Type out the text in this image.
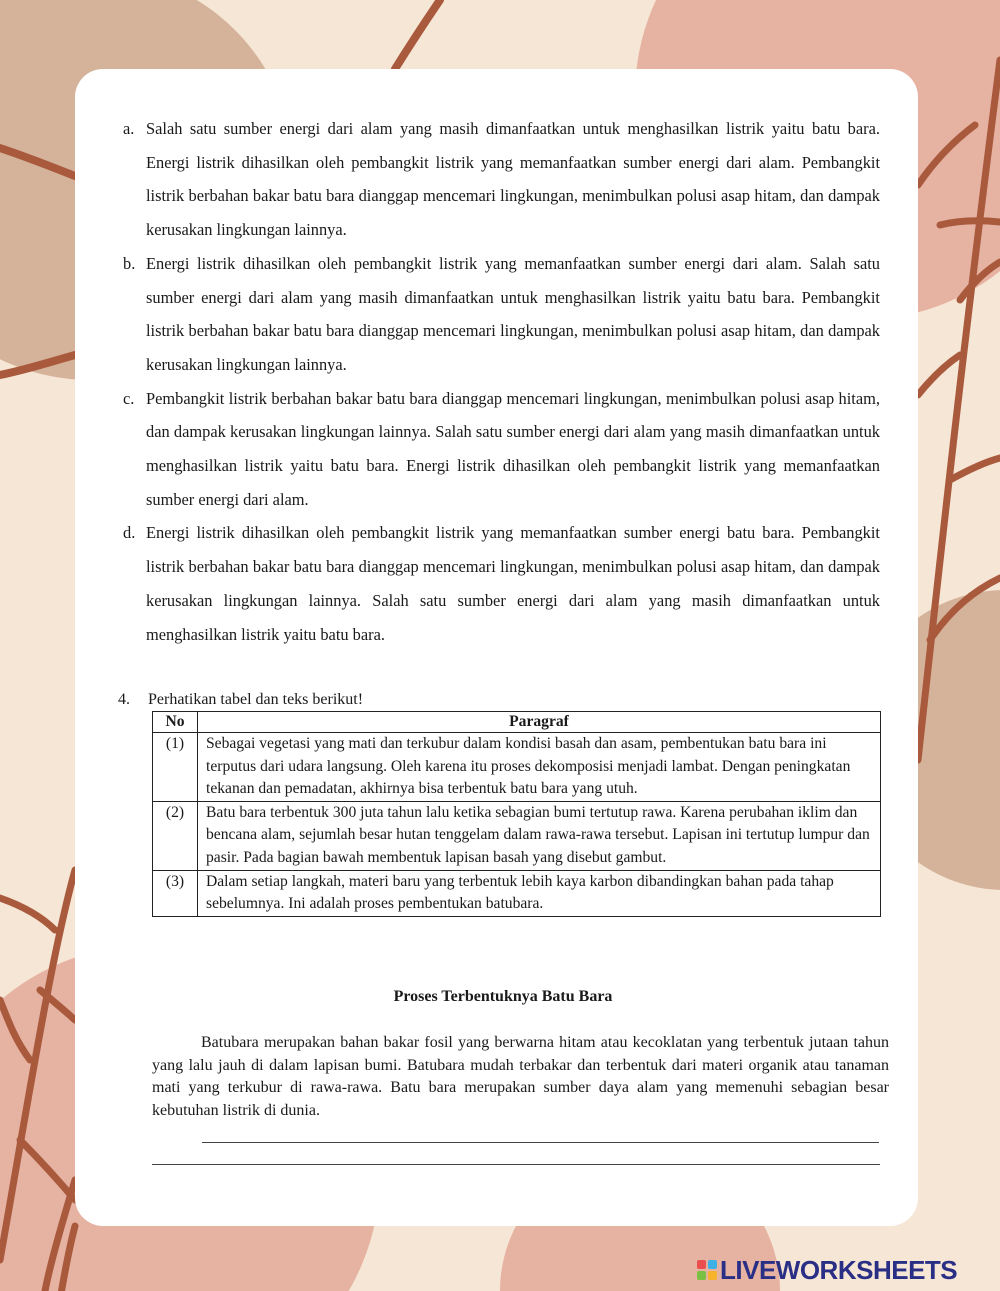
a. Salah satu sumber energi dari alam yang masih dimanfaatkan untuk menghasilkan listrik yaitu batu bara. Energi listrik dihasilkan oleh pembangkit listrik yang memanfaatkan sumber energi dari alam. Pembangkit listrik berbahan bakar batu bara dianggap mencemari lingkungan, menimbulkan polusi asap hitam, dan dampak kerusakan lingkungan lainnya.
b. Energi listrik dihasilkan oleh pembangkit listrik yang memanfaatkan sumber energi dari alam. Salah satu sumber energi dari alam yang masih dimanfaatkan untuk menghasilkan listrik yaitu batu bara. Pembangkit listrik berbahan bakar batu bara dianggap mencemari lingkungan, menimbulkan polusi asap hitam, dan dampak kerusakan lingkungan lainnya.
c. Pembangkit listrik berbahan bakar batu bara dianggap mencemari lingkungan, menimbulkan polusi asap hitam, dan dampak kerusakan lingkungan lainnya. Salah satu sumber energi dari alam yang masih dimanfaatkan untuk menghasilkan listrik yaitu batu bara. Energi listrik dihasilkan oleh pembangkit listrik yang memanfaatkan sumber energi dari alam.
d. Energi listrik dihasilkan oleh pembangkit listrik yang memanfaatkan sumber energi batu bara. Pembangkit listrik berbahan bakar batu bara dianggap mencemari lingkungan, menimbulkan polusi asap hitam, dan dampak kerusakan lingkungan lainnya. Salah satu sumber energi dari alam yang masih dimanfaatkan untuk menghasilkan listrik yaitu batu bara.
4. Perhatikan tabel dan teks berikut!
No	Paragraf
(1)	Sebagai vegetasi yang mati dan terkubur dalam kondisi basah dan asam, pembentukan batu bara ini terputus dari udara langsung. Oleh karena itu proses dekomposisi menjadi lambat. Dengan peningkatan tekanan dan pemadatan, akhirnya bisa terbentuk batu bara yang utuh.
(2)	Batu bara terbentuk 300 juta tahun lalu ketika sebagian bumi tertutup rawa. Karena perubahan iklim dan bencana alam, sejumlah besar hutan tenggelam dalam rawa-rawa tersebut. Lapisan ini tertutup lumpur dan pasir. Pada bagian bawah membentuk lapisan basah yang disebut gambut.
(3)	Dalam setiap langkah, materi baru yang terbentuk lebih kaya karbon dibandingkan bahan pada tahap sebelumnya. Ini adalah proses pembentukan batubara.
Proses Terbentuknya Batu Bara

Batubara merupakan bahan bakar fosil yang berwarna hitam atau kecoklatan yang terbentuk jutaan tahun yang lalu jauh di dalam lapisan bumi. Batubara mudah terbakar dan terbentuk dari materi organik atau tanaman mati yang terkubur di rawa-rawa. Batu bara merupakan sumber daya alam yang memenuhi sebagian besar kebutuhan listrik di dunia.

LIVEWORKSHEETS
